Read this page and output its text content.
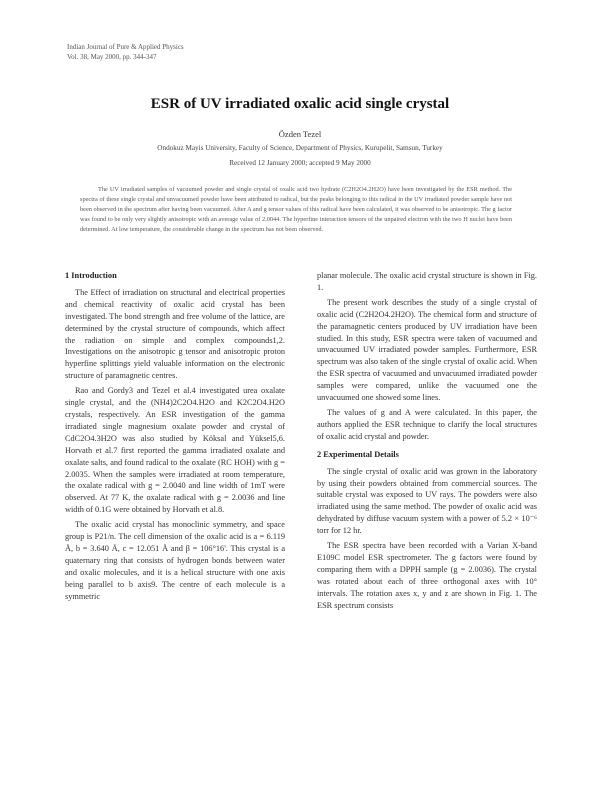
Indian Journal of Pure & Applied Physics
Vol. 38, May 2000, pp. 344-347
ESR of UV irradiated oxalic acid single crystal
Özden Tezel
Ondokuz Mayis University, Faculty of Science, Department of Physics, Kurupelit, Samsun, Turkey
Received 12 January 2000; accepted 9 May 2000

The UV irradiated samples of vacuumed powder and single crystal of oxalic acid two hydrate (C2H2O4.2H2O) have been investigated by the ESR method. The spectra of these single crystal and unvacuumed powder have been attributed to radical, but the peaks belonging to this radical in the UV irradiated powder sample have not been observed in the spectrum after having been vacuumed. After A and g tensor values of this radical have been calculated, it was observed to be anisotropic. The g factor was found to be only very slightly anisotropic with an average value of 2.0044. The hyperfine interaction tensors of the unpaired electron with the two H nuclei have been determined. At low temperature, the considerable change in the spectrum has not been observed.

1 Introduction

The Effect of irradiation on structural and electrical properties and chemical reactivity of oxalic acid crystal has been investigated. The bond strength and free volume of the lattice, are determined by the crystal structure of compounds, which affect the radiation on simple and complex compounds1,2. Investigations on the anisotropic g tensor and anisotropic proton hyperfine splittings yield valuable information on the electronic structure of paramagnetic centres.

Rao and Gordy3 and Tezel et al.4 investigated urea oxalate single crystal, and the (NH4)2C2O4.H2O and K2C2O4.H2O crystals, respectively. An ESR investigation of the gamma irradiated single magnesium oxalate powder and crystal of CdC2O4.3H2O was also studied by Köksal and Yüksel5,6. Horvath et al.7 first reported the gamma irradiated oxalate and oxalate salts, and found radical to the oxalate (RC HOH) with g = 2.0035. When the samples were irradiated at room temperature, the oxalate radical with g = 2.0040 and line width of 1mT were observed. At 77 K, the oxalate radical with g = 2.0036 and line width of 0.1G were obtained by Horvath et al.8.

The oxalic acid crystal has monoclinic symmetry, and space group is P21/n. The cell dimension of the oxalic acid is a = 6.119 Å, b = 3.640 Å, c = 12.051 Å and β = 106°16'. This crystal is a quaternary ring that consists of hydrogen bonds between water and oxalic molecules, and it is a helical structure with one axis being parallel to b axis9. The centre of each molecule is a symmetric

planar molecule. The oxalic acid crystal structure is shown in Fig. 1.

The present work describes the study of a single crystal of oxalic acid (C2H2O4.2H2O). The chemical form and structure of the paramagnetic centers produced by UV irradiation have been studied. In this study, ESR spectra were taken of vacuumed and unvacuumed UV irradiated powder samples. Furthermore, ESR spectrum was also taken of the single crystal of oxalic acid. When the ESR spectra of vacuumed and unvacuumed irradiated powder samples were compared, unlike the vacuumed one the unvacuumed one showed some lines.

The values of g and A were calculated. In this paper, the authors applied the ESR technique to clarify the local structures of oxalic acid crystal and powder.

2 Experimental Details

The single crystal of oxalic acid was grown in the laboratory by using their powders obtained from commercial sources. The suitable crystal was exposed to UV rays. The powders were also irradiated using the same method. The powder of oxalic acid was dehydrated by diffuse vacuum system with a power of 5.2 × 10⁻⁶ torr for 12 hr.

The ESR spectra have been recorded with a Varian X-band E109C model ESR spectrometer. The g factors were found by comparing them with a DPPH sample (g = 2.0036). The crystal was rotated about each of three orthogonal axes with 10° intervals. The rotation axes x, y and z are shown in Fig. 1. The ESR spectrum consists
